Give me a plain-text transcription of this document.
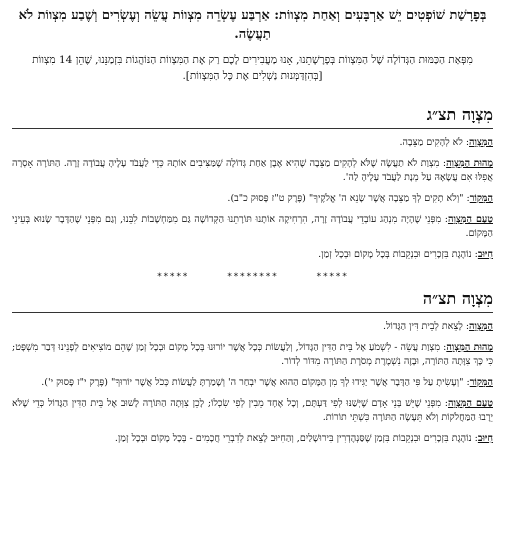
בְּפָרָשַׁת שׁוֹפְטִים יֵשׁ אַרְבָּעִים וְאַחַת מִצְווֹת: אַרְבַּע עֶשְׂרֵה מִצְווֹת עֲשֵׂה וְעֶשְׂרִים וְשֶׁבַע מִצְווֹת לֹא תַעֲשֶׂה.
מִפְּאַת הַכַּמּוּת הַגְּדוֹלָה שֶׁל הַמִּצְווֹת בְּפָרָשָׁתֵנוּ, אָנוּ מַעֲבִירִים לָכֶם רַק אֶת הַמִּצְווֹת הַנּוֹהֲגוֹת בִּזְמַנֵּנוּ, שֶׁהֵן 14 מִצְווֹת [בְּהִזְדַּמְּנוּת נַשְׁלִים אֶת כָּל הַמִּצְווֹת].
מִצְוָה תצ״ג
הַמִּצְוָה: לֹא לְהָקִים מַצֵּבָה.
מַהוּת הַמִּצְוָה: מִצְוַת לֹא תַעֲשֶׂה שֶׁלֹּא לְהָקִים מַצֵּבָה שֶׁהִיא אֶבֶן אַחַת גְּדוֹלָה שֶׁמַּצִּיבִים אוֹתָהּ כְּדֵי לַעֲבֹד עָלֶיהָ עֲבוֹדָה זָרָה. הַתּוֹרָה אָסְרָה אֲפִלּוּ אִם עֲשָׂאָהּ עַל מְנָת לַעֲבֹד עָלֶיהָ לַה'.
הַמָּקוֹר: "וְלֹא תָקִים לְךָ מַצֵּבָה אֲשֶׁר שָׂנֵא ה' אֱלֹקֶיךָ" (פֶּרֶק ט"ז פָּסוּק כ"ב).
טַעַם הַמִּצְוָה: מִפְּנֵי שֶׁהָיָה מִנְהַג עוֹבְדֵי עֲבוֹדָה זָרָה, הִרְחִיקָה אוֹתָנוּ תּוֹרָתֵנוּ הַקְּדוֹשָׁה גַּם מִמַּחְשָׁבוֹת לִבֵּנוּ, וְגַם מִפְּנֵי שֶׁהַדָּבָר שָׂנוּא בְּעֵינֵי הַמָּקוֹם.
חִיּוּב: נוֹהֶגֶת בִּזְכָרִים וּבִנְקֵבוֹת בְּכָל מָקוֹם וּבְכָל זְמַן.
*****	********	*****
מִצְוָה תצ״ה
הַמִּצְוָה: לָצֵאת לְבֵית דִּין הַגָּדוֹל.
מַהוּת הַמִּצְוָה: מִצְוַת עֲשֵׂה - לִשְׁמֹעַ אֶל בֵּית הַדִּין הַגָּדוֹל, וְלַעֲשׂוֹת כְּכָל אֲשֶׁר יוֹרוּנוּ בְּכָל מָקוֹם וּבְכָל זְמַן שֶׁהֵם מוֹצִיאִים לְפָנֵינוּ דְּבַר מִשְׁפָּט; כִּי כָּךְ צִוָּתָה הַתּוֹרָה, וּבָזֶה נִשְׁמֶרֶת מְסֹרֶת הַתּוֹרָה מִדּוֹר לְדוֹר.
הַמָּקוֹר: "וְעָשִׂיתָ עַל פִּי הַדָּבָר אֲשֶׁר יַגִּידוּ לְךָ מִן הַמָּקוֹם הַהוּא אֲשֶׁר יִבְחַר ה' וְשָׁמַרְתָּ לַעֲשׂוֹת כְּכֹל אֲשֶׁר יוֹרוּךָ" (פֶּרֶק י"ז פָּסוּק י').
טַעַם הַמִּצְוָה: מִפְּנֵי שֶׁיֵּשׁ בְּנֵי אָדָם שֶׁיְּשַׁנּוּ לְפִי דַּעְתָּם, וְכָל אֶחָד מֵבִין לְפִי שִׂכְלוֹ; לָכֵן צִוְּתָה הַתּוֹרָה לָשׁוּב אֶל בֵּית הַדִּין הַגָּדוֹל כְּדֵי שֶׁלֹּא יֵרָבוּ הַמַּחֲלֹקוֹת וְלֹא תֵּעָשֶׂה הַתּוֹרָה כִּשְׁתֵּי תוֹרוֹת.
חִיּוּב: נוֹהֶגֶת בִּזְכָרִים וּבִנְקֵבוֹת בִּזְמַן שֶׁסַּנְהֶדְרִין בִּירוּשָׁלַיִם, וְהַחִיּוּב לָצֵאת לְדִבְרֵי חֲכָמִים - בְּכָל מָקוֹם וּבְכָל זְמַן.
